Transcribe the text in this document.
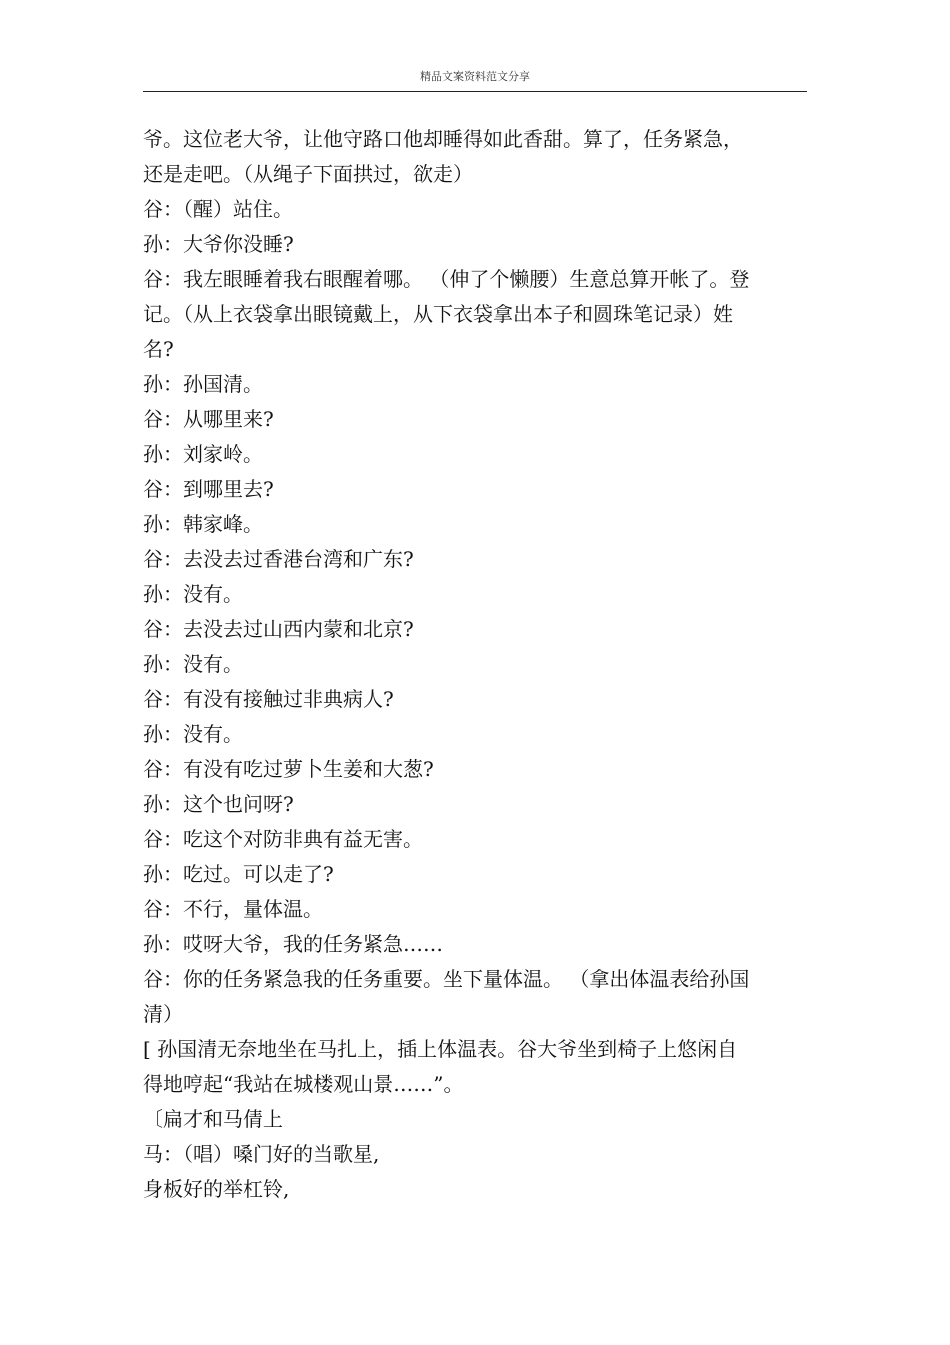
精品文案资料范文分享
爷。这位老大爷，让他守路口他却睡得如此香甜。算了，任务紧急，
还是走吧。（从绳子下面拱过，欲走）
谷：（醒）站住。
孙：大爷你没睡?
谷：我左眼睡着我右眼醒着哪。 （伸了个懒腰）生意总算开帐了。登
记。（从上衣袋拿出眼镜戴上，从下衣袋拿出本子和圆珠笔记录）姓
名?
孙：孙国清。
谷：从哪里来?
孙：刘家岭。
谷：到哪里去?
孙：韩家峰。
谷：去没去过香港台湾和广东?
孙：没有。
谷：去没去过山西内蒙和北京?
孙：没有。
谷：有没有接触过非典病人?
孙：没有。
谷：有没有吃过萝卜生姜和大葱?
孙：这个也问呀?
谷：吃这个对防非典有益无害。
孙：吃过。可以走了?
谷：不行，量体温。
孙：哎呀大爷，我的任务紧急……
谷：你的任务紧急我的任务重要。坐下量体温。 （拿出体温表给孙国
清）
[ 孙国清无奈地坐在马扎上，插上体温表。谷大爷坐到椅子上悠闲自
得地哼起“我站在城楼观山景……”。
〔扁才和马倩上
马：（唱）嗓门好的当歌星,
身板好的举杠铃,
